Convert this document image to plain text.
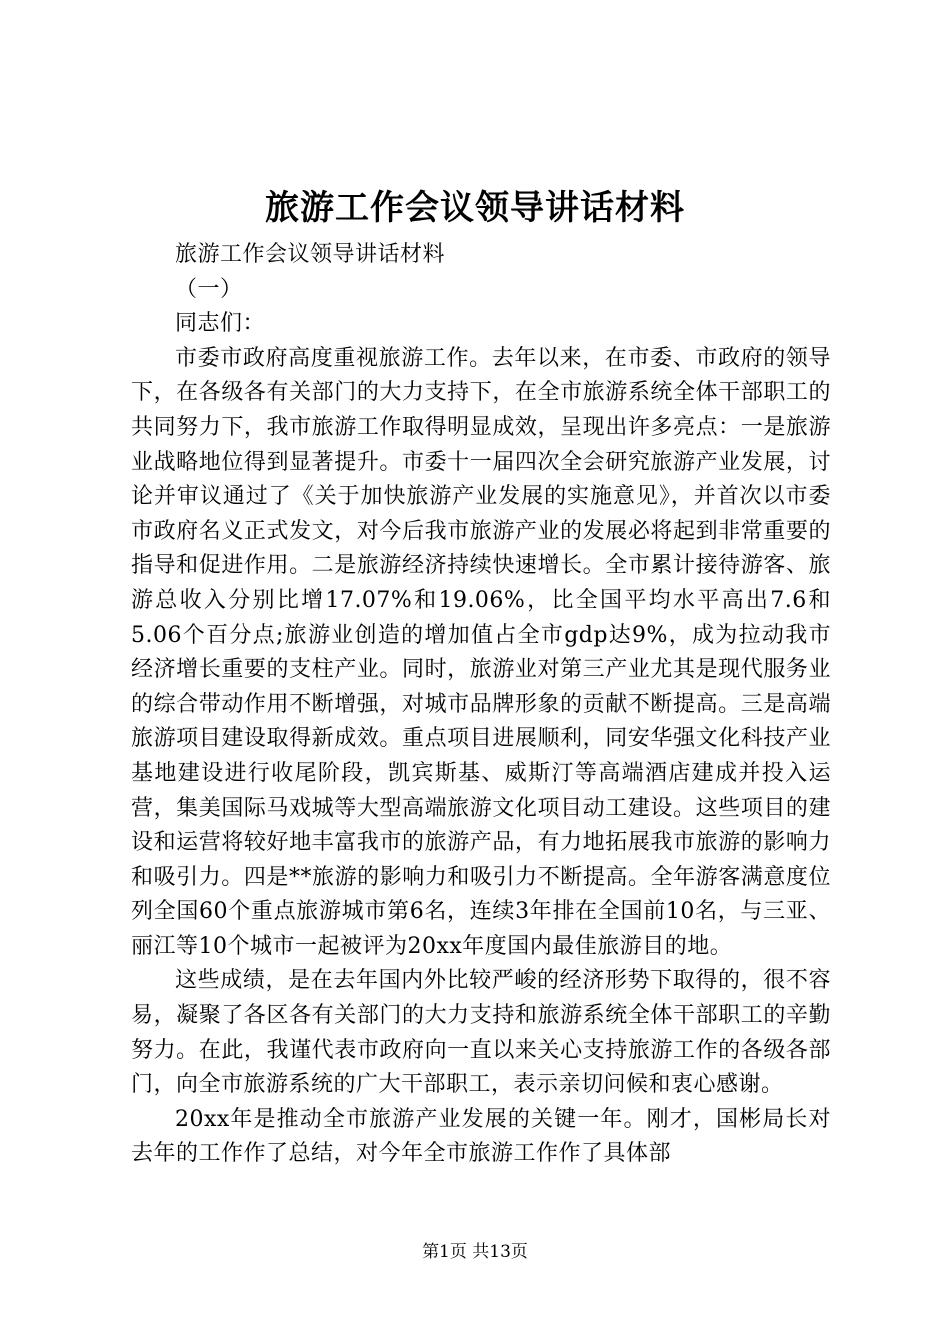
旅游工作会议领导讲话材料

旅游工作会议领导讲话材料

（一）

同志们：

市委市政府高度重视旅游工作。去年以来，在市委、市政府的领导下，在各级各有关部门的大力支持下，在全市旅游系统全体干部职工的共同努力下，我市旅游工作取得明显成效，呈现出许多亮点：一是旅游业战略地位得到显著提升。市委十一届四次全会研究旅游产业发展，讨论并审议通过了《关于加快旅游产业发展的实施意见》，并首次以市委市政府名义正式发文，对今后我市旅游产业的发展必将起到非常重要的指导和促进作用。二是旅游经济持续快速增长。全市累计接待游客、旅游总收入分别比增17.07%和19.06%，比全国平均水平高出7.6和5.06个百分点;旅游业创造的增加值占全市gdp达9%，成为拉动我市经济增长重要的支柱产业。同时，旅游业对第三产业尤其是现代服务业的综合带动作用不断增强，对城市品牌形象的贡献不断提高。三是高端旅游项目建设取得新成效。重点项目进展顺利，同安华强文化科技产业基地建设进行收尾阶段，凯宾斯基、威斯汀等高端酒店建成并投入运营，集美国际马戏城等大型高端旅游文化项目动工建设。这些项目的建设和运营将较好地丰富我市的旅游产品，有力地拓展我市旅游的影响力和吸引力。四是**旅游的影响力和吸引力不断提高。全年游客满意度位列全国60个重点旅游城市第6名，连续3年排在全国前10名，与三亚、丽江等10个城市一起被评为20xx年度国内最佳旅游目的地。

这些成绩，是在去年国内外比较严峻的经济形势下取得的，很不容易，凝聚了各区各有关部门的大力支持和旅游系统全体干部职工的辛勤努力。在此，我谨代表市政府向一直以来关心支持旅游工作的各级各部门，向全市旅游系统的广大干部职工，表示亲切问候和衷心感谢。

20xx年是推动全市旅游产业发展的关键一年。刚才，国彬局长对去年的工作作了总结，对今年全市旅游工作作了具体部

第1页 共13页
